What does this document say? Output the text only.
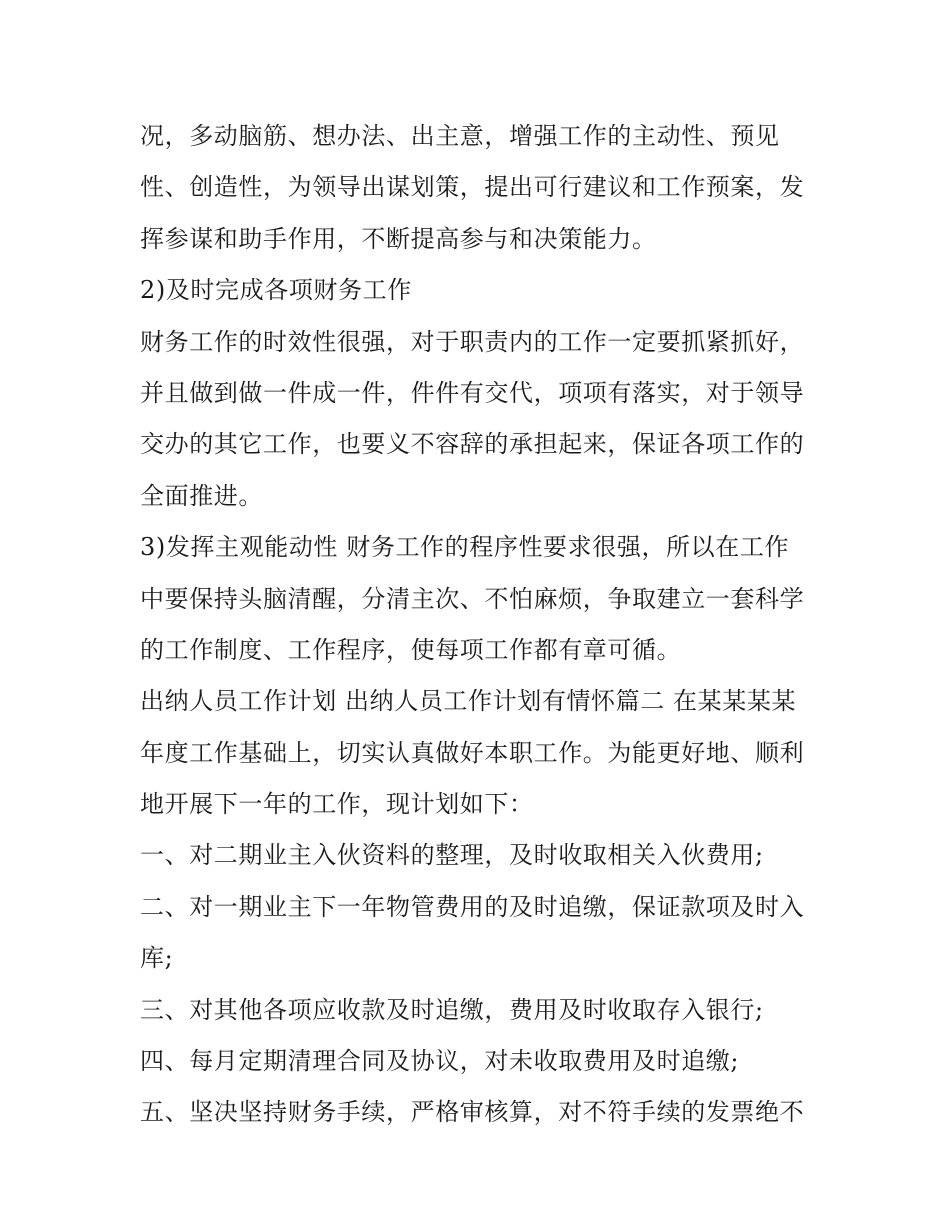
况，多动脑筋、想办法、出主意，增强工作的主动性、预见
性、创造性，为领导出谋划策，提出可行建议和工作预案，发
挥参谋和助手作用，不断提高参与和决策能力。
2)及时完成各项财务工作
财务工作的时效性很强，对于职责内的工作一定要抓紧抓好，
并且做到做一件成一件，件件有交代，项项有落实，对于领导
交办的其它工作，也要义不容辞的承担起来，保证各项工作的
全面推进。
3)发挥主观能动性 财务工作的程序性要求很强，所以在工作
中要保持头脑清醒，分清主次、不怕麻烦，争取建立一套科学
的工作制度、工作程序，使每项工作都有章可循。
出纳人员工作计划 出纳人员工作计划有情怀篇二 在某某某某
年度工作基础上，切实认真做好本职工作。为能更好地、顺利
地开展下一年的工作，现计划如下：
一、对二期业主入伙资料的整理，及时收取相关入伙费用;
二、对一期业主下一年物管费用的及时追缴，保证款项及时入
库;
三、对其他各项应收款及时追缴，费用及时收取存入银行;
四、每月定期清理合同及协议，对未收取费用及时追缴;
五、坚决坚持财务手续，严格审核算，对不符手续的发票绝不
